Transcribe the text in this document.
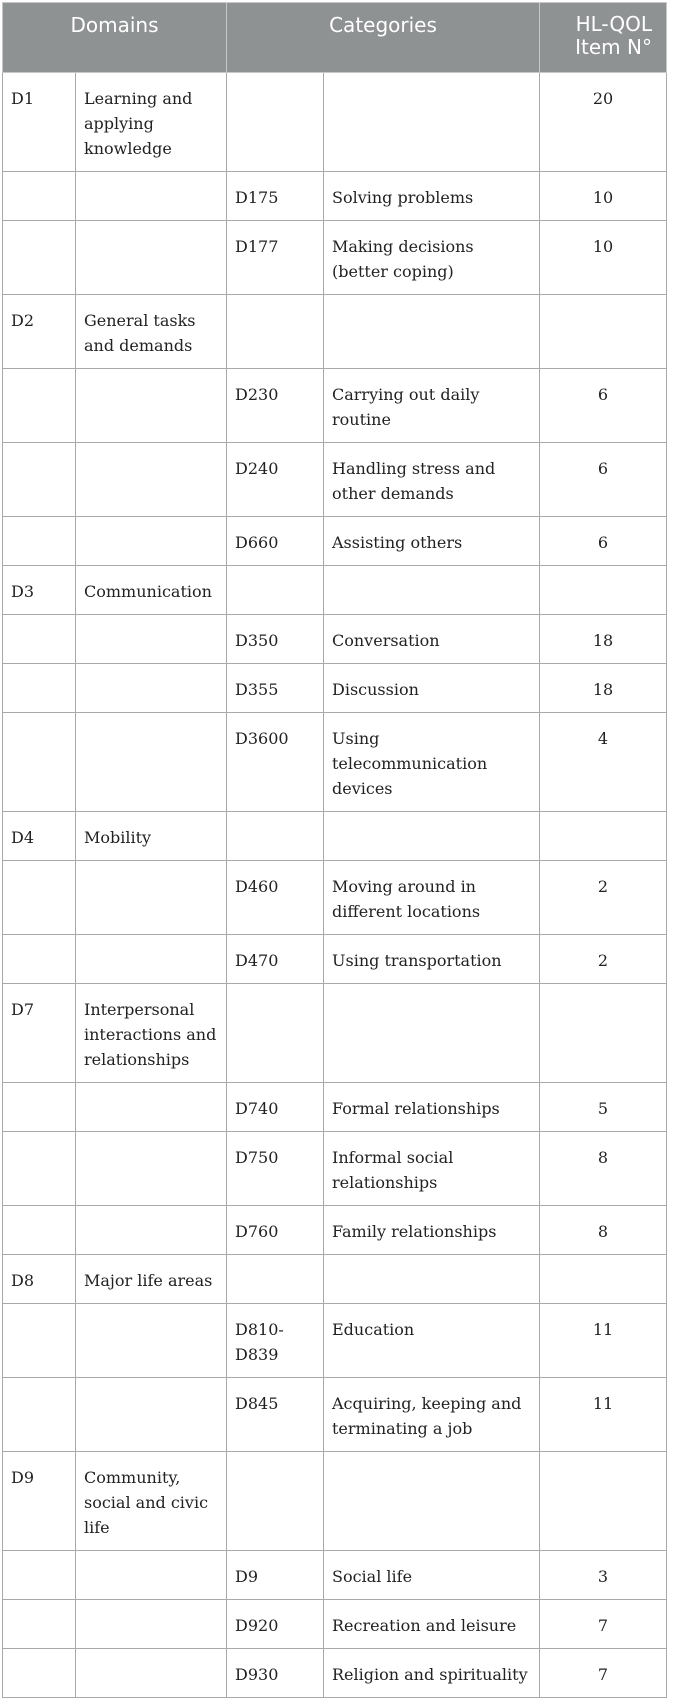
Domains		Categories		HL-QOL
Item N°
D1	Learning and applying knowledge			20
		D175	Solving problems	10
		D177	Making decisions (better coping)	10
D2	General tasks and demands			
		D230	Carrying out daily routine	6
		D240	Handling stress and other demands	6
		D660	Assisting others	6
D3	Communication			
		D350	Conversation	18
		D355	Discussion	18
		D3600	Using telecommunication devices	4
D4	Mobility			
		D460	Moving around in different locations	2
		D470	Using transportation	2
D7	Interpersonal interactions and relationships			
		D740	Formal relationships	5
		D750	Informal social relationships	8
		D760	Family relationships	8
D8	Major life areas			
		D810-D839	Education	11
		D845	Acquiring, keeping and terminating a job	11
D9	Community, social and civic life			
		D9	Social life	3
		D920	Recreation and leisure	7
		D930	Religion and spirituality	7
